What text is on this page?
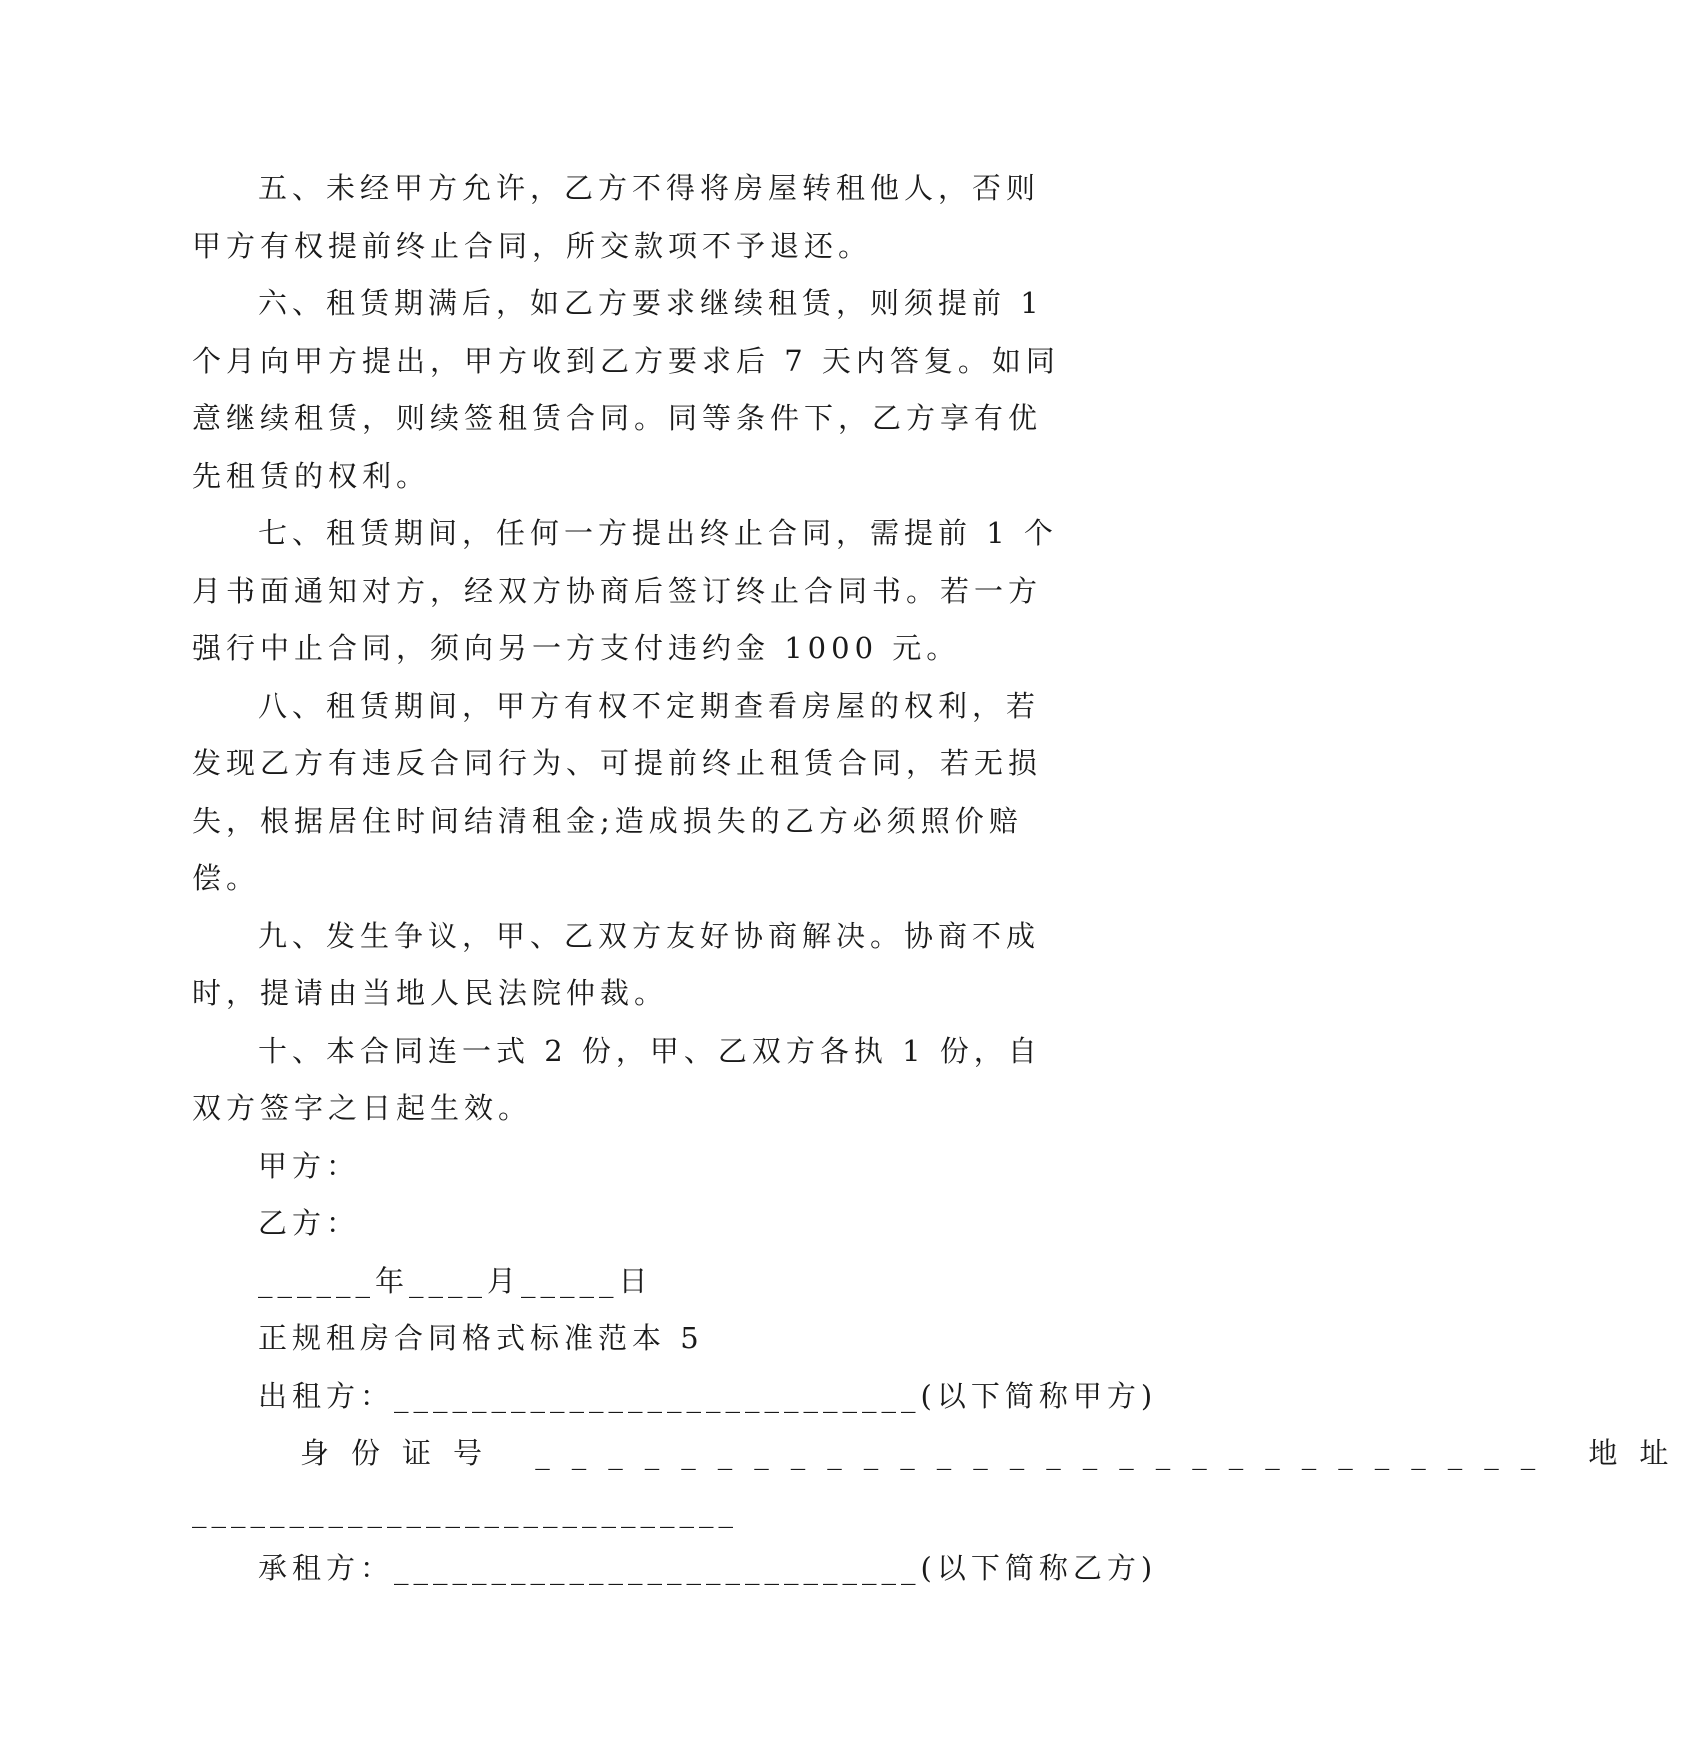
五、未经甲方允许，乙方不得将房屋转租他人，否则甲方有权提前终止合同，所交款项不予退还。

六、租赁期满后，如乙方要求继续租赁，则须提前 1 个月向甲方提出，甲方收到乙方要求后 7 天内答复。如同意继续租赁，则续签租赁合同。同等条件下，乙方享有优先租赁的权利。

七、租赁期间，任何一方提出终止合同，需提前 1 个月书面通知对方，经双方协商后签订终止合同书。若一方强行中止合同，须向另一方支付违约金 1000 元。

八、租赁期间，甲方有权不定期查看房屋的权利，若发现乙方有违反合同行为、可提前终止租赁合同，若无损失，根据居住时间结清租金;造成损失的乙方必须照价赔偿。

九、发生争议，甲、乙双方友好协商解决。协商不成时，提请由当地人民法院仲裁。

十、本合同连一式 2 份，甲、乙双方各执 1 份，自双方签字之日起生效。

甲方：

乙方：

______年____月_____日

正规租房合同格式标准范本 5

出租方：___________________________(以下简称甲方)

身份证号 ____________________________ 地址

____________________________

承租方：___________________________(以下简称乙方)
